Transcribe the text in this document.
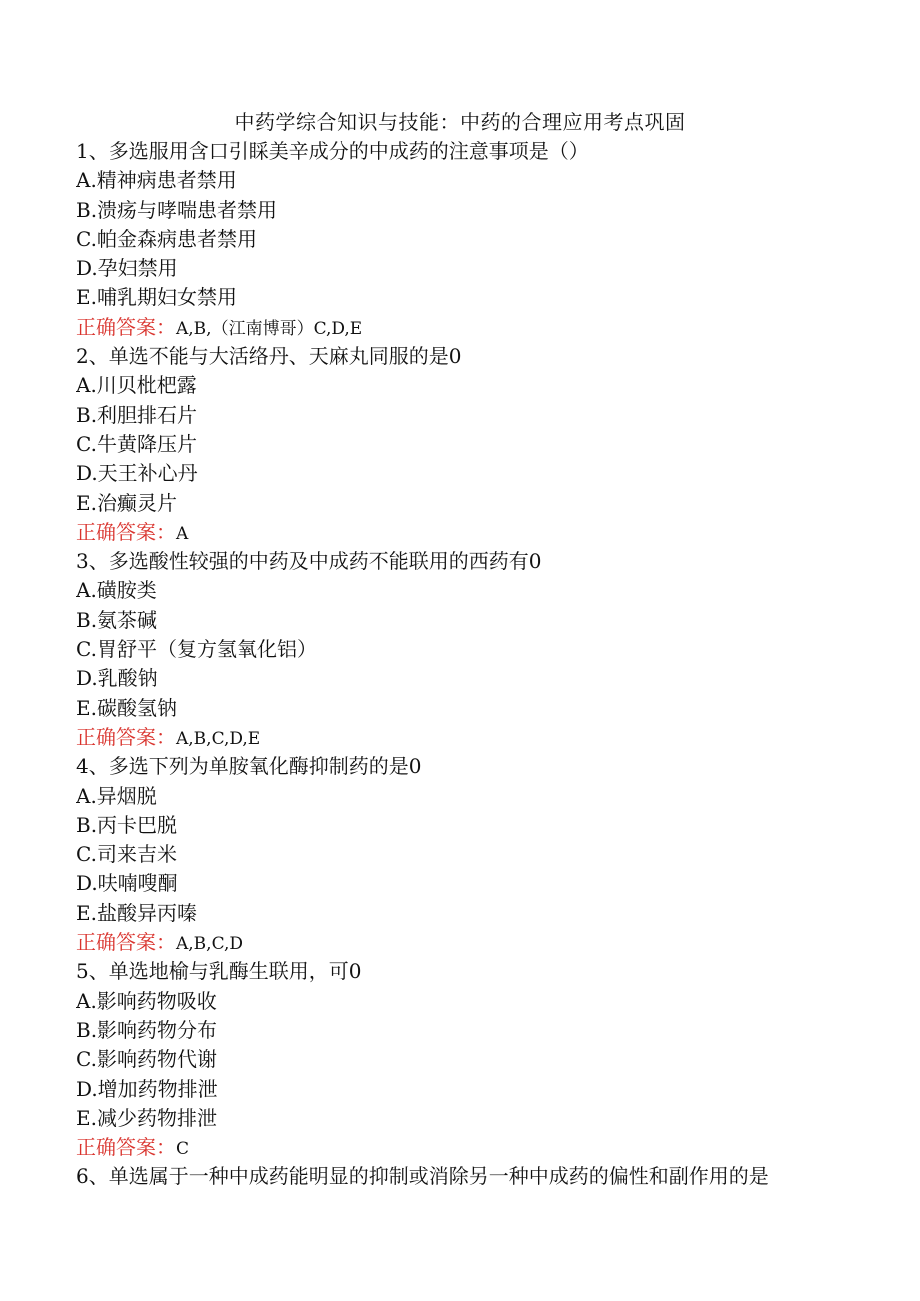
中药学综合知识与技能：中药的合理应用考点巩固
1、多选服用含口引睬美辛成分的中成药的注意事项是（）
A.精神病患者禁用
B.溃疡与哮喘患者禁用
C.帕金森病患者禁用
D.孕妇禁用
E.哺乳期妇女禁用
正确答案：A,B,（江南博哥）C,D,E
2、单选不能与大活络丹、天麻丸同服的是0
A.川贝枇杷露
B.利胆排石片
C.牛黄降压片
D.天王补心丹
E.治癫灵片
正确答案：A
3、多选酸性较强的中药及中成药不能联用的西药有0
A.磺胺类
B.氨茶碱
C.胃舒平（复方氢氧化铝）
D.乳酸钠
E.碳酸氢钠
正确答案：A,B,C,D,E
4、多选下列为单胺氧化酶抑制药的是0
A.异烟脱
B.丙卡巴脱
C.司来吉米
D.呋喃嗖酮
E.盐酸异丙嗪
正确答案：A,B,C,D
5、单选地榆与乳酶生联用，可0
A.影响药物吸收
B.影响药物分布
C.影响药物代谢
D.增加药物排泄
E.减少药物排泄
正确答案：C
6、单选属于一种中成药能明显的抑制或消除另一种中成药的偏性和副作用的是
